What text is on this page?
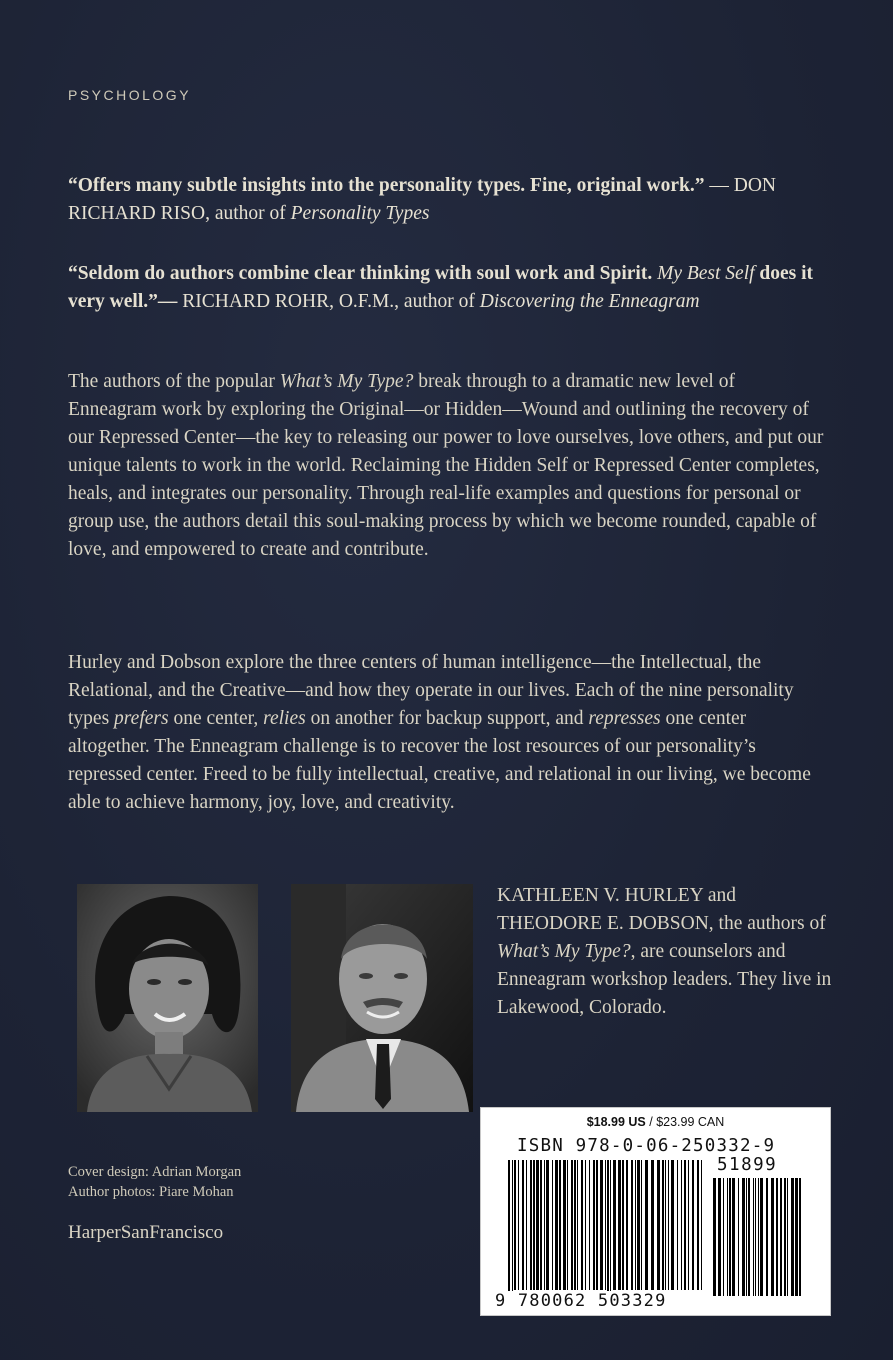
PSYCHOLOGY
“Offers many subtle insights into the personality types. Fine, original work.” — DON RICHARD RISO, author of Personality Types
“Seldom do authors combine clear thinking with soul work and Spirit. My Best Self does it very well.”— RICHARD ROHR, O.F.M., author of Discovering the Enneagram
The authors of the popular What’s My Type? break through to a dramatic new level of Enneagram work by exploring the Original—or Hidden—Wound and outlining the recovery of our Repressed Center—the key to releasing our power to love ourselves, love others, and put our unique talents to work in the world. Reclaiming the Hidden Self or Repressed Center completes, heals, and integrates our personality. Through real-life examples and questions for personal or group use, the authors detail this soul-making process by which we become rounded, capable of love, and empowered to create and contribute.
Hurley and Dobson explore the three centers of human intelligence—the Intellectual, the Relational, and the Creative—and how they operate in our lives. Each of the nine personality types prefers one center, relies on another for backup support, and represses one center altogether. The Enneagram challenge is to recover the lost resources of our personality’s repressed center. Freed to be fully intellectual, creative, and relational in our living, we become able to achieve harmony, joy, love, and creativity.
KATHLEEN V. HURLEY and THEODORE E. DOBSON, the authors of What’s My Type?, are counselors and Enneagram workshop leaders. They live in Lakewood, Colorado.
Cover design: Adrian Morgan
Author photos: Piare Mohan
HarperSanFrancisco
$18.99 US / $23.99 CAN
ISBN 978-0-06-250332-9
51899
9 780062 503329
